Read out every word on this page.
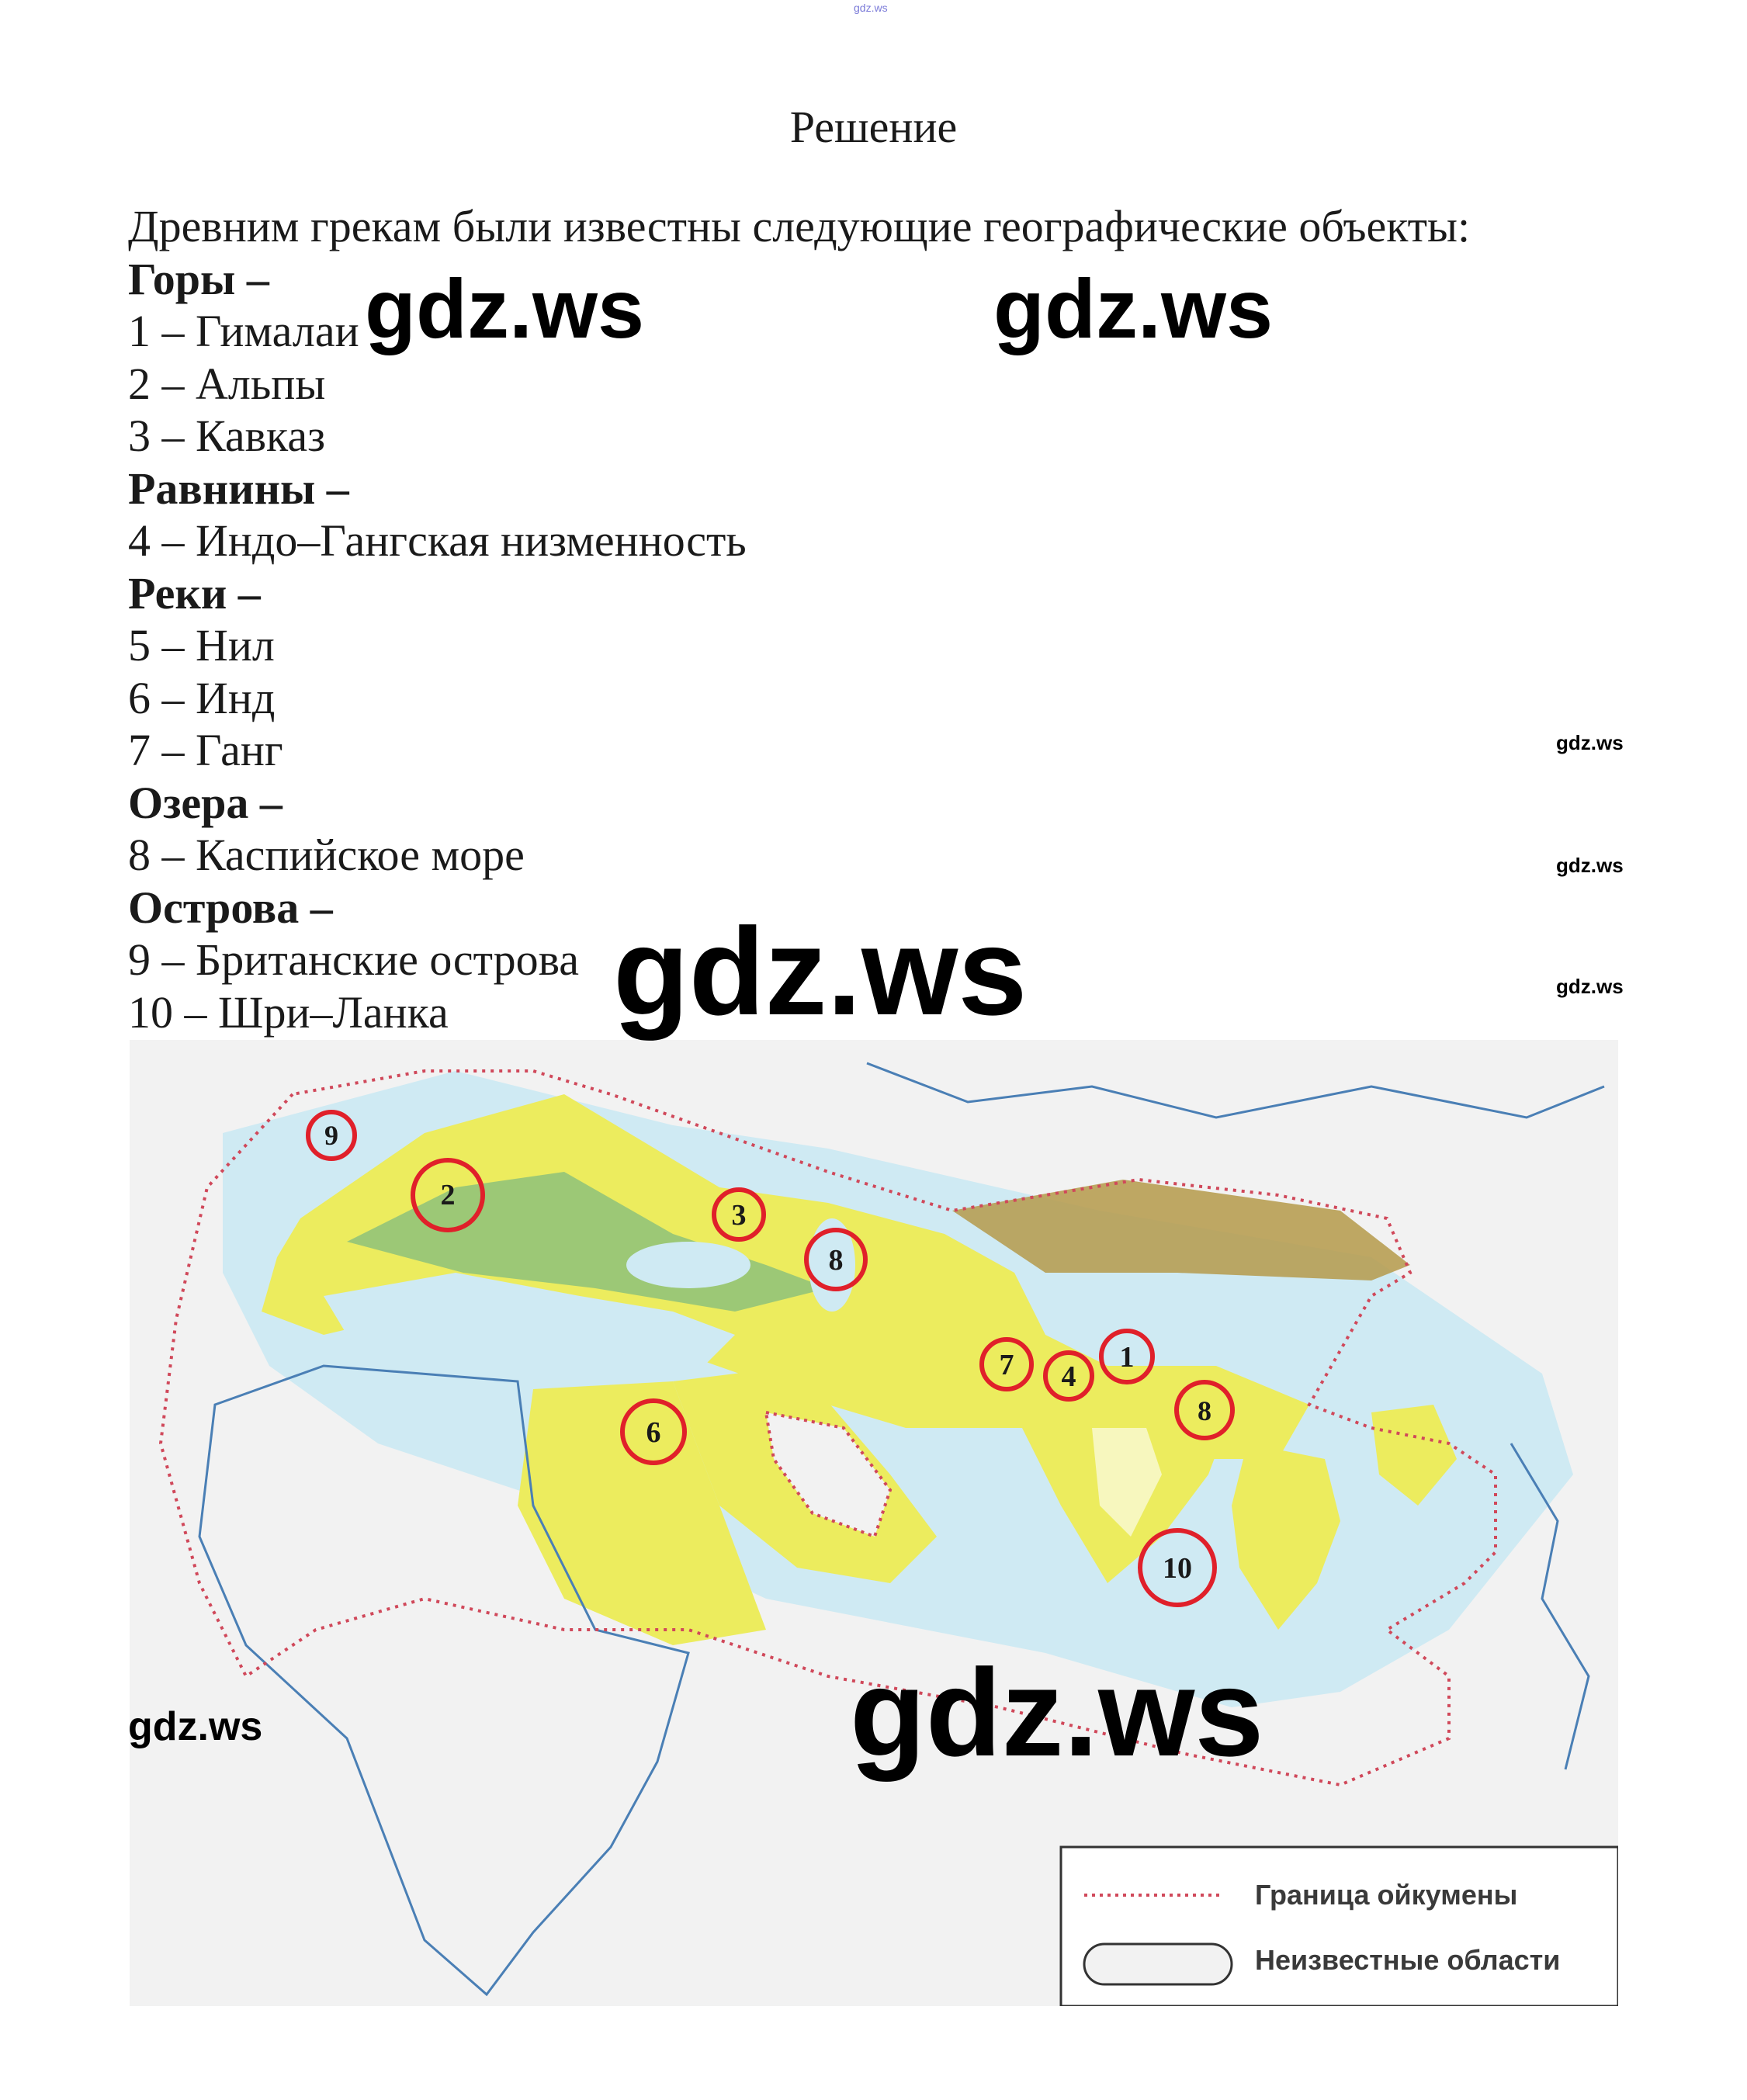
gdz.ws
Решение
Древним грекам были известны следующие географические объекты:
Горы –
1 – Гималаи
2 – Альпы
3 – Кавказ
Равнины –
4 – Индо–Гангская низменность
Реки –
5 – Нил
6 – Инд
7 – Ганг
Озера –
8 – Каспийское море
Острова –
9 – Британские острова
10 – Шри–Ланка
9
2
3
8
7 4
1
8
6
10
Граница ойкумены
Неизвестные области
gdz.ws	gdz.ws
gdz.ws
gdz.ws
gdz.ws
gdz.ws
gdz.ws	gdz.ws
